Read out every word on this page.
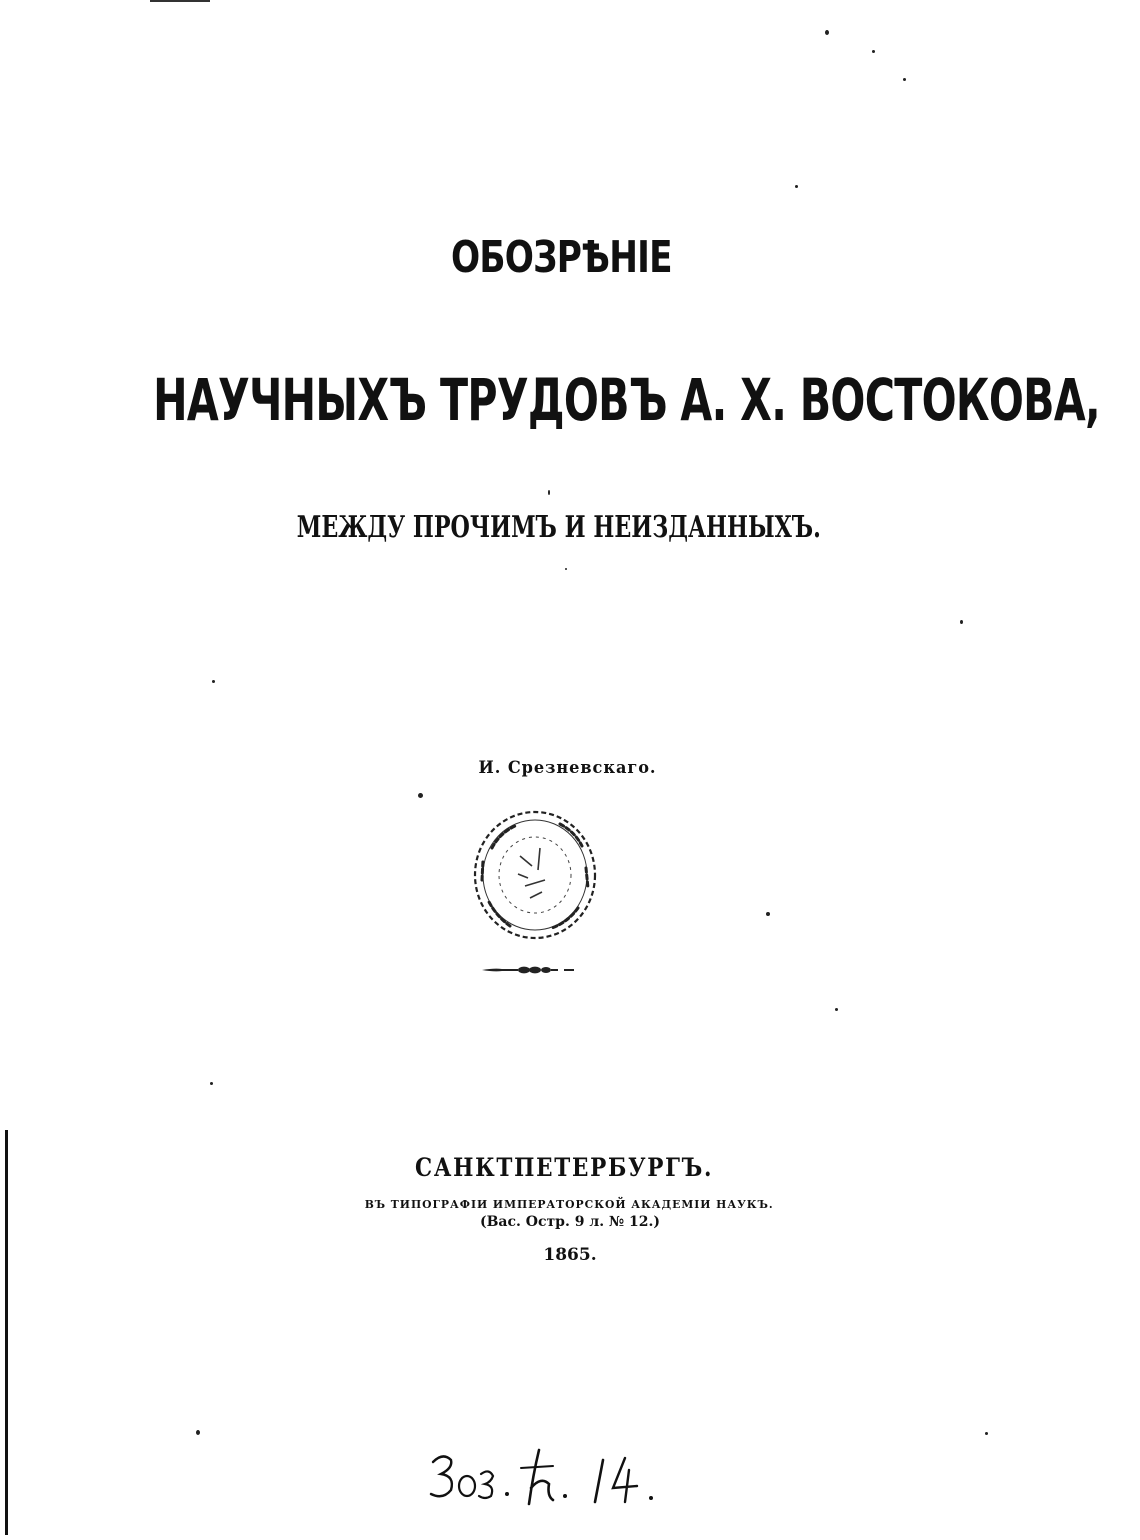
ОБОЗРѢНІЕ
НАУЧНЫХЪ ТРУДОВЪ А. Х. ВОСТОКОВА,
МЕЖДУ ПРОЧИМЪ И НЕИЗДАННЫХЪ.
И. Срезневскаго.
САНКТПЕТЕРБУРГЪ.
ВЪ ТИПОГРАФІИ ИМПЕРАТОРСКОЙ АКАДЕМІИ НАУКЪ.
(Вас. Остр. 9 л. № 12.)
1865.
